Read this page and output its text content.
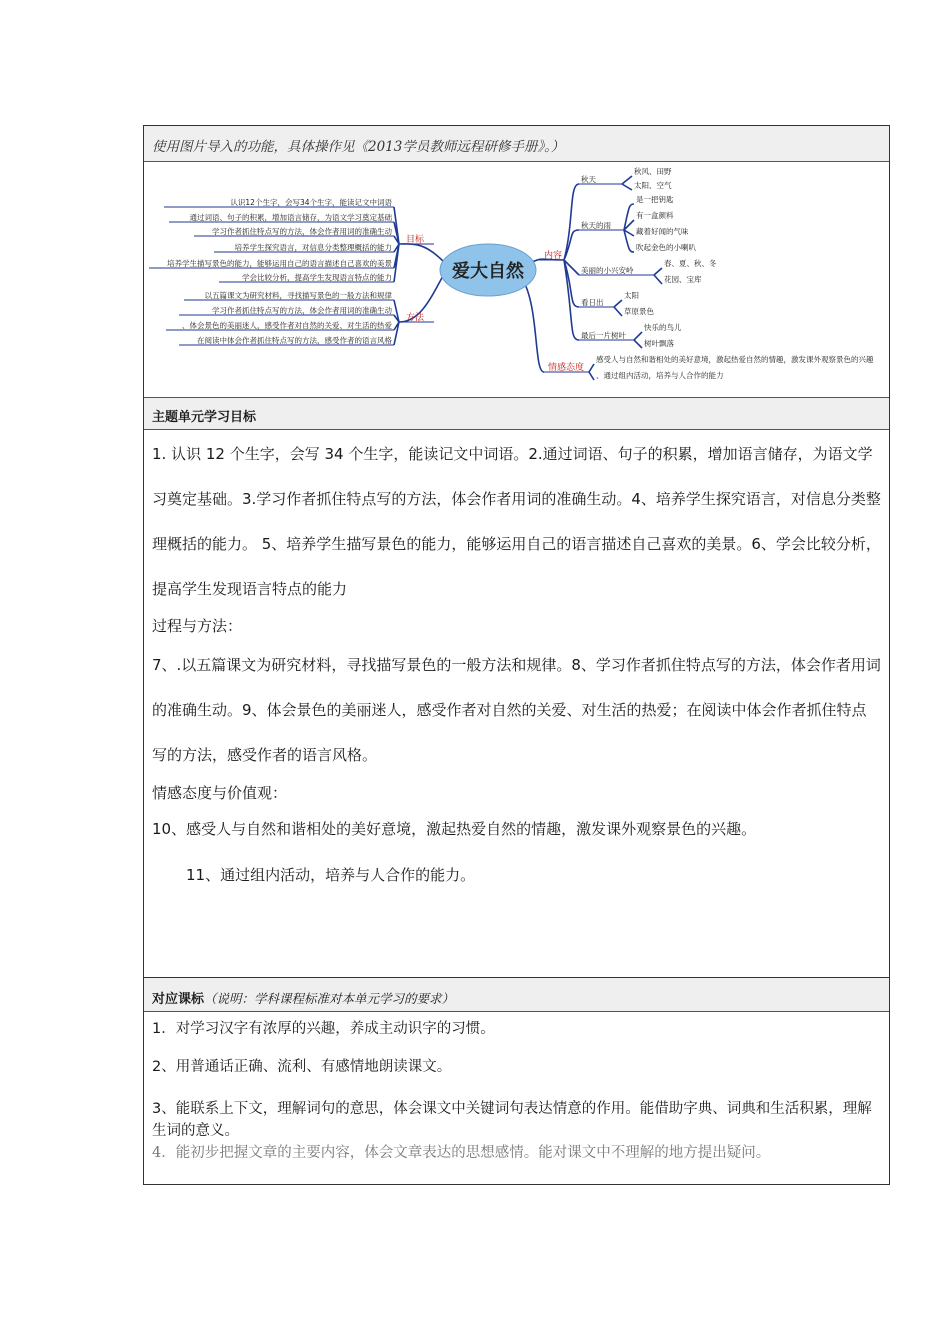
使用图片导入的功能，具体操作见《2013学员教师远程研修手册》。）
爱大自然
目标
方法
内容
情感态度
认识12个生字，会写34个生字，能读记文中词语
通过词语、句子的积累，增加语言储存，为语文学习奠定基础
学习作者抓住特点写的方法，体会作者用词的准确生动
培养学生探究语言，对信息分类整理概括的能力
培养学生描写景色的能力，能够运用自己的语言描述自己喜欢的美景
学会比较分析，提高学生发现语言特点的能力
以五篇课文为研究材料，寻找描写景色的一般方法和规律
学习作者抓住特点写的方法，体会作者用词的准确生动
、体会景色的美丽迷人，感受作者对自然的关爱、对生活的热爱
在阅读中体会作者抓住特点写的方法，感受作者的语言风格
秋天
秋风、田野
太阳、空气
秋天的雨
是一把钥匙
有一盒颜料
藏着好闻的气味
吹起金色的小喇叭
美丽的小兴安岭
春、夏、秋、冬
花园、宝库
看日出
太阳
草原景色
最后一片树叶
快乐的鸟儿
树叶飘落
感受人与自然和谐相处的美好意境，激起热爱自然的情趣，激发课外观察景色的兴趣
、通过组内活动，培养与人合作的能力
主题单元学习目标
1. 认识 12 个生字，会写 34 个生字，能读记文中词语。2.通过词语、句子的积累，增加语言储存，为语文学习奠定基础。3.学习作者抓住特点写的方法，体会作者用词的准确生动。4、培养学生探究语言，对信息分类整理概括的能力。 5、培养学生描写景色的能力，能够运用自己的语言描述自己喜欢的美景。6、学会比较分析，提高学生发现语言特点的能力
过程与方法：
7、.以五篇课文为研究材料，寻找描写景色的一般方法和规律。8、学习作者抓住特点写的方法，体会作者用词的准确生动。9、体会景色的美丽迷人，感受作者对自然的关爱、对生活的热爱；在阅读中体会作者抓住特点写的方法，感受作者的语言风格。
情感态度与价值观：
10、感受人与自然和谐相处的美好意境，激起热爱自然的情趣，激发课外观察景色的兴趣。
11、通过组内活动，培养与人合作的能力。
对应课标（说明：学科课程标准对本单元学习的要求）
1．对学习汉字有浓厚的兴趣，养成主动识字的习惯。
2、用普通话正确、流利、有感情地朗读课文。
3、能联系上下文，理解词句的意思，体会课文中关键词句表达情意的作用。能借助字典、词典和生活积累，理解生词的意义。
4．能初步把握文章的主要内容，体会文章表达的思想感情。能对课文中不理解的地方提出疑问。
